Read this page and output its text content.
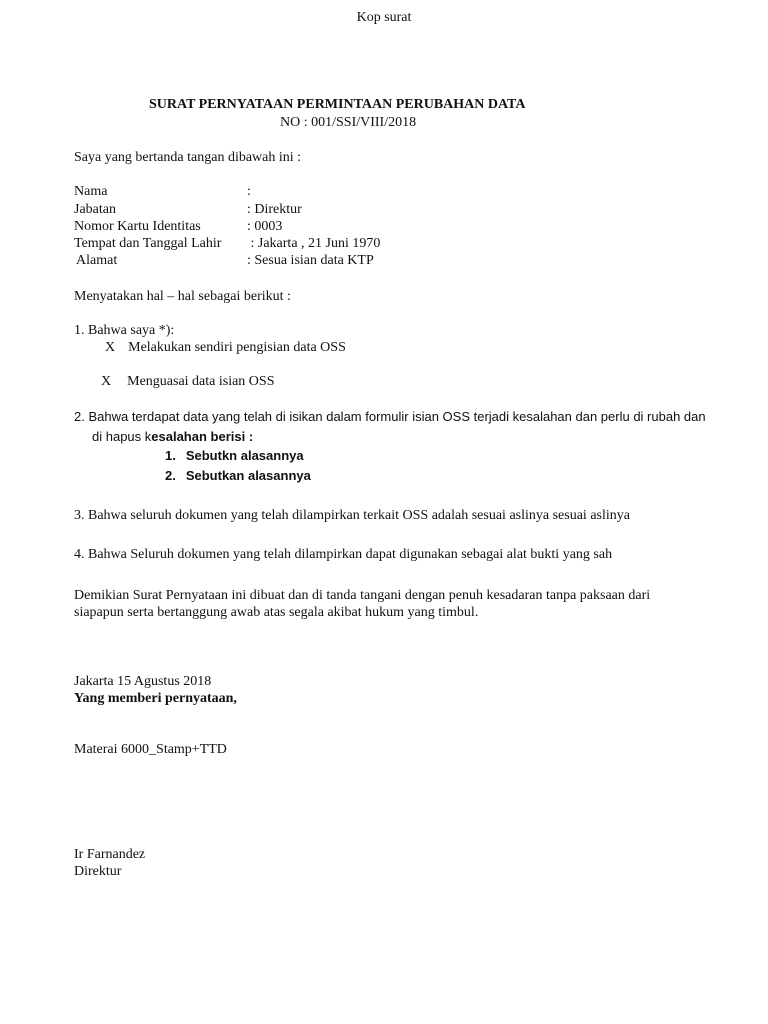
Kop surat
SURAT PERNYATAAN PERMINTAAN PERUBAHAN DATA
NO : 001/SSI/VIII/2018
Saya yang bertanda tangan dibawah ini :
Nama	:
Jabatan	: Direktur
Nomor Kartu Identitas	: 0003
Tempat dan Tanggal Lahir : Jakarta , 21 Juni 1970
Alamat	: Sesua isian data KTP
Menyatakan hal – hal sebagai berikut :
1. Bahwa saya *):
X Melakukan sendiri pengisian data OSS
X Menguasai data isian OSS
2. Bahwa terdapat data yang telah di isikan dalam formulir isian OSS terjadi kesalahan dan perlu di rubah dan
di hapus kesalahan berisi :
1. Sebutkn alasannya
2. Sebutkan alasannya
3. Bahwa seluruh dokumen yang telah dilampirkan terkait OSS adalah sesuai aslinya sesuai aslinya
4. Bahwa Seluruh dokumen yang telah dilampirkan dapat digunakan sebagai alat bukti yang sah
Demikian Surat Pernyataan ini dibuat dan di tanda tangani dengan penuh kesadaran tanpa paksaan dari
siapapun serta bertanggung awab atas segala akibat hukum yang timbul.
Jakarta 15 Agustus 2018
Yang memberi pernyataan,
Materai 6000_Stamp+TTD
Ir Farnandez
Direktur
